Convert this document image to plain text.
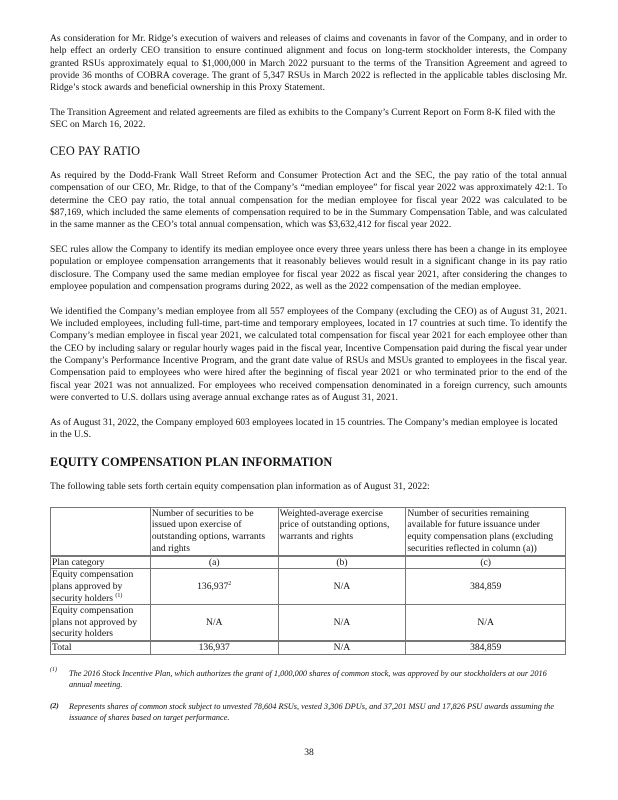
As consideration for Mr. Ridge’s execution of waivers and releases of claims and covenants in favor of the Company, and in order to help effect an orderly CEO transition to ensure continued alignment and focus on long-term stockholder interests, the Company granted RSUs approximately equal to $1,000,000 in March 2022 pursuant to the terms of the Transition Agreement and agreed to provide 36 months of COBRA coverage. The grant of 5,347 RSUs in March 2022 is reflected in the applicable tables disclosing Mr. Ridge’s stock awards and beneficial ownership in this Proxy Statement.

The Transition Agreement and related agreements are filed as exhibits to the Company’s Current Report on Form 8-K filed with the SEC on March 16, 2022.

CEO PAY RATIO

As required by the Dodd-Frank Wall Street Reform and Consumer Protection Act and the SEC, the pay ratio of the total annual compensation of our CEO, Mr. Ridge, to that of the Company’s “median employee” for fiscal year 2022 was approximately 42:1. To determine the CEO pay ratio, the total annual compensation for the median employee for fiscal year 2022 was calculated to be $87,169, which included the same elements of compensation required to be in the Summary Compensation Table, and was calculated in the same manner as the CEO’s total annual compensation, which was $3,632,412 for fiscal year 2022.

SEC rules allow the Company to identify its median employee once every three years unless there has been a change in its employee population or employee compensation arrangements that it reasonably believes would result in a significant change in its pay ratio disclosure. The Company used the same median employee for fiscal year 2022 as fiscal year 2021, after considering the changes to employee population and compensation programs during 2022, as well as the 2022 compensation of the median employee.

We identified the Company’s median employee from all 557 employees of the Company (excluding the CEO) as of August 31, 2021. We included employees, including full-time, part-time and temporary employees, located in 17 countries at such time. To identify the Company’s median employee in fiscal year 2021, we calculated total compensation for fiscal year 2021 for each employee other than the CEO by including salary or regular hourly wages paid in the fiscal year, Incentive Compensation paid during the fiscal year under the Company’s Performance Incentive Program, and the grant date value of RSUs and MSUs granted to employees in the fiscal year. Compensation paid to employees who were hired after the beginning of fiscal year 2021 or who terminated prior to the end of the fiscal year 2021 was not annualized. For employees who received compensation denominated in a foreign currency, such amounts were converted to U.S. dollars using average annual exchange rates as of August 31, 2021.

As of August 31, 2022, the Company employed 603 employees located in 15 countries. The Company’s median employee is located in the U.S.

EQUITY COMPENSATION PLAN INFORMATION

The following table sets forth certain equity compensation plan information as of August 31, 2022:

	Number of securities to be issued upon exercise of outstanding options, warrants and rights	Weighted-average exercise price of outstanding options, warrants and rights	Number of securities remaining available for future issuance under equity compensation plans (excluding securities reflected in column (a))
Plan category	(a)	(b)	(c)
Equity compensation plans approved by security holders $^{(1)}$	136,937$^2$	N/A	384,859
Equity compensation plans not approved by security holders	N/A	N/A	N/A
Total	136,937	N/A	384,859
(1)	The 2016 Stock Incentive Plan, which authorizes the grant of 1,000,000 shares of common stock, was approved by our stockholders at our 2016 annual meeting.
(2)	Represents shares of common stock subject to unvested 78,604 RSUs, vested 3,306 DPUs, and 37,201 MSU and 17,826 PSU awards assuming the issuance of shares based on target performance.
38
